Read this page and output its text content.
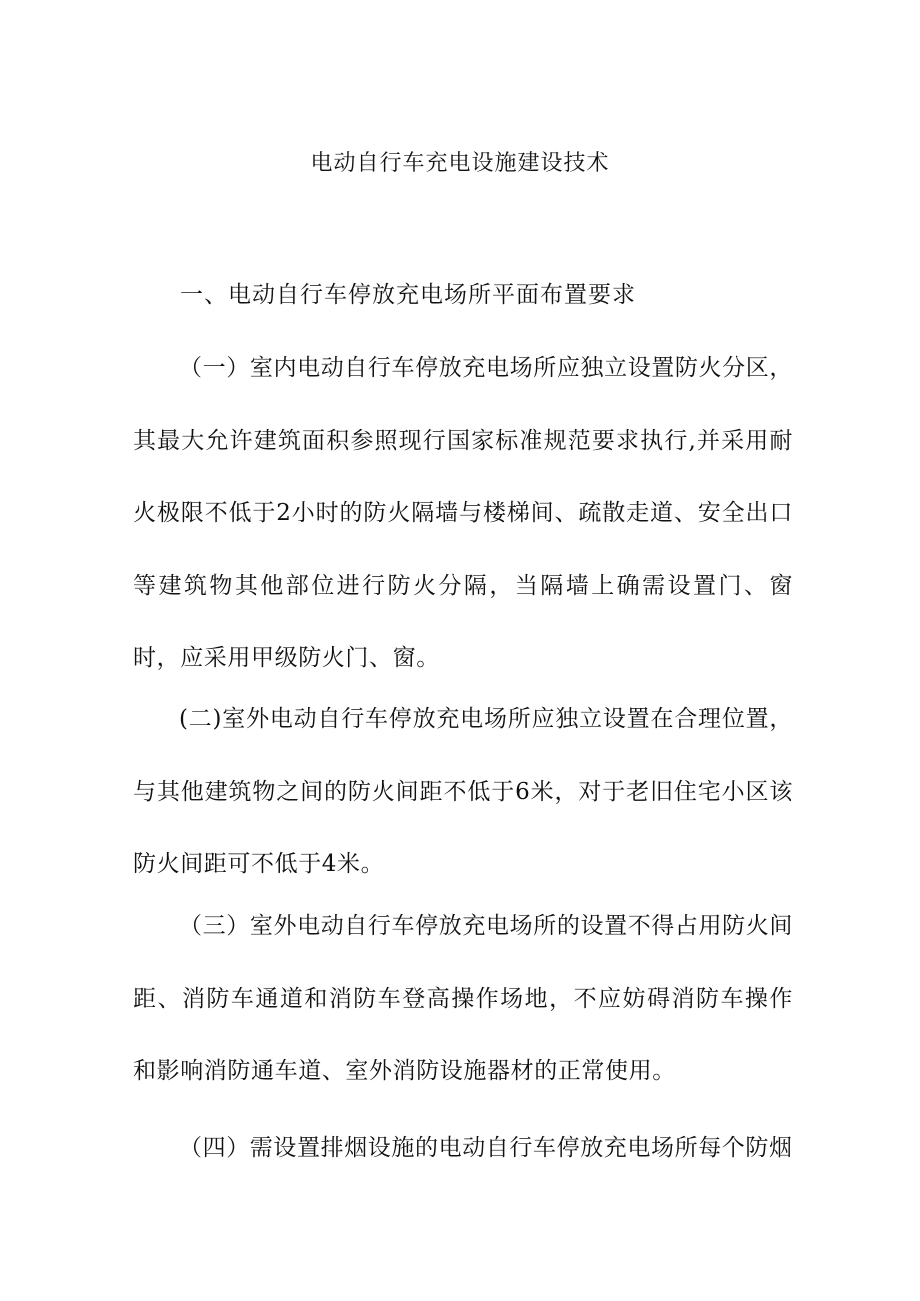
电动自行车充电设施建设技术
一、电动自行车停放充电场所平面布置要求

（一）室内电动自行车停放充电场所应独立设置防火分区，其最大允许建筑面积参照现行国家标准规范要求执行,并采用耐火极限不低于2小时的防火隔墙与楼梯间、疏散走道、安全出口等建筑物其他部位进行防火分隔，当隔墙上确需设置门、窗时，应采用甲级防火门、窗。

(二)室外电动自行车停放充电场所应独立设置在合理位置，与其他建筑物之间的防火间距不低于6米，对于老旧住宅小区该防火间距可不低于4米。

（三）室外电动自行车停放充电场所的设置不得占用防火间距、消防车通道和消防车登高操作场地，不应妨碍消防车操作和影响消防通车道、室外消防设施器材的正常使用。

（四）需设置排烟设施的电动自行车停放充电场所每个防烟
